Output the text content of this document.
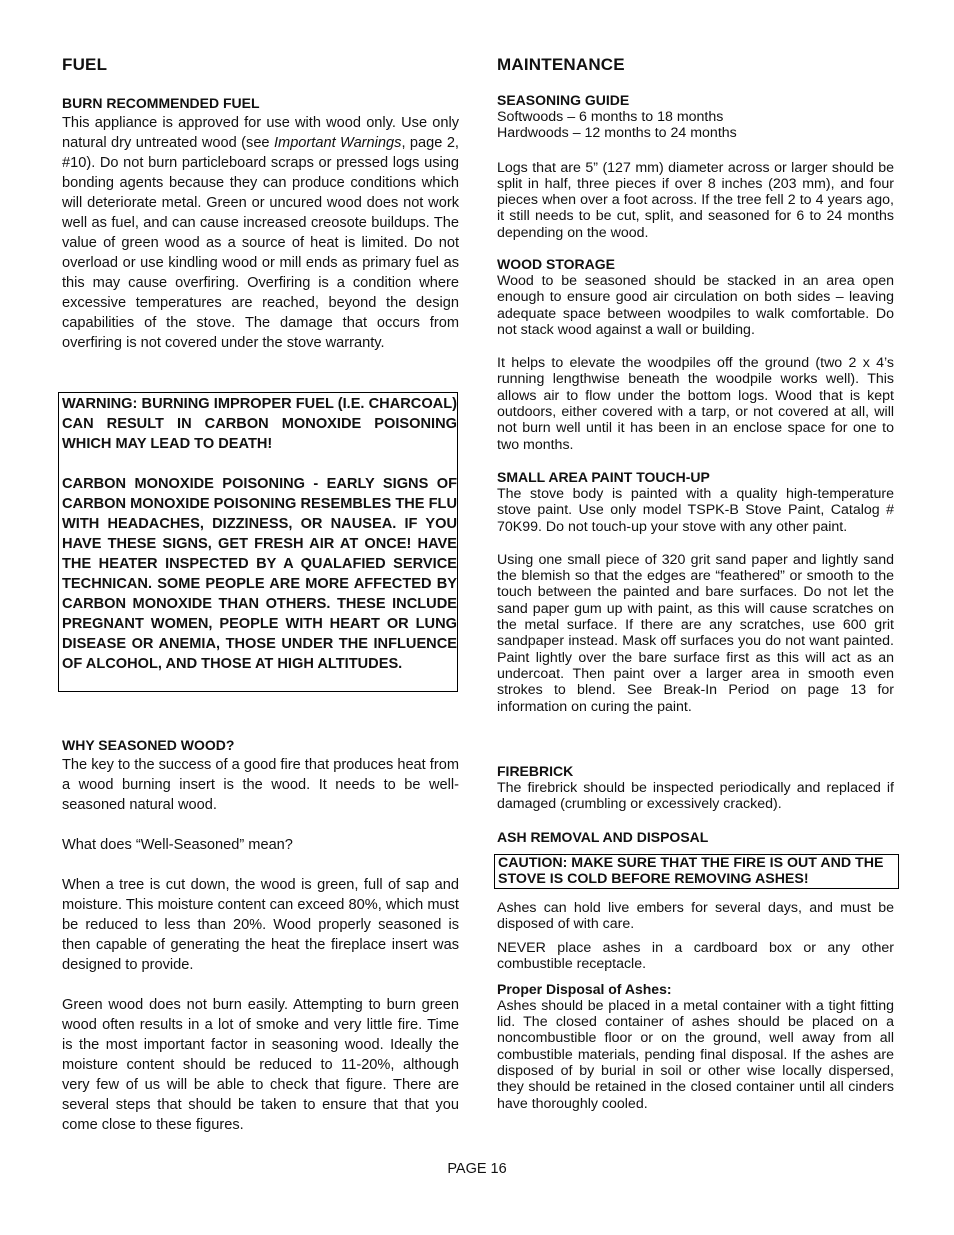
FUEL
BURN RECOMMENDED FUEL

This appliance is approved for use with wood only. Use only natural dry untreated wood (see Important Warnings, page 2, #10). Do not burn particleboard scraps or pressed logs using bonding agents because they can produce conditions which will deteriorate metal. Green or uncured wood does not work well as fuel, and can cause increased creosote buildups. The value of green wood as a source of heat is limited. Do not overload or use kindling wood or mill ends as primary fuel as this may cause overfiring. Overfiring is a condition where excessive temperatures are reached, beyond the design capabilities of the stove. The damage that occurs from overfiring is not covered under the stove warranty.

WARNING: BURNING IMPROPER FUEL (I.E. CHARCOAL) CAN RESULT IN CARBON MONOXIDE POISONING WHICH MAY LEAD TO DEATH!

CARBON MONOXIDE POISONING - EARLY SIGNS OF CARBON MONOXIDE POISONING RESEMBLES THE FLU WITH HEADACHES, DIZZINESS, OR NAUSEA. IF YOU HAVE THESE SIGNS, GET FRESH AIR AT ONCE! HAVE THE HEATER INSPECTED BY A QUALAFIED SERVICE TECHNICAN. SOME PEOPLE ARE MORE AFFECTED BY CARBON MONOXIDE THAN OTHERS. THESE INCLUDE PREGNANT WOMEN, PEOPLE WITH HEART OR LUNG DISEASE OR ANEMIA, THOSE UNDER THE INFLUENCE OF ALCOHOL, AND THOSE AT HIGH ALTITUDES.

WHY SEASONED WOOD?

The key to the success of a good fire that produces heat from a wood burning insert is the wood. It needs to be well-seasoned natural wood.

What does “Well-Seasoned” mean?

When a tree is cut down, the wood is green, full of sap and moisture. This moisture content can exceed 80%, which must be reduced to less than 20%. Wood properly seasoned is then capable of generating the heat the fireplace insert was designed to provide.

Green wood does not burn easily. Attempting to burn green wood often results in a lot of smoke and very little fire. Time is the most important factor in seasoning wood. Ideally the moisture content should be reduced to 11-20%, although very few of us will be able to check that figure. There are several steps that should be taken to ensure that that you come close to these figures.

MAINTENANCE
SEASONING GUIDE

Softwoods – 6 months to 18 months

Hardwoods – 12 months to 24 months

Logs that are 5” (127 mm) diameter across or larger should be split in half, three pieces if over 8 inches (203 mm), and four pieces when over a foot across. If the tree fell 2 to 4 years ago, it still needs to be cut, split, and seasoned for 6 to 24 months depending on the wood.

WOOD STORAGE

Wood to be seasoned should be stacked in an area open enough to ensure good air circulation on both sides – leaving adequate space between woodpiles to walk comfortable. Do not stack wood against a wall or building.

It helps to elevate the woodpiles off the ground (two 2 x 4’s running lengthwise beneath the woodpile works well). This allows air to flow under the bottom logs. Wood that is kept outdoors, either covered with a tarp, or not covered at all, will not burn well until it has been in an enclose space for one to two months.

SMALL AREA PAINT TOUCH-UP

The stove body is painted with a quality high-temperature stove paint. Use only model TSPK-B Stove Paint, Catalog # 70K99. Do not touch-up your stove with any other paint.

Using one small piece of 320 grit sand paper and lightly sand the blemish so that the edges are “feathered” or smooth to the touch between the painted and bare surfaces. Do not let the sand paper gum up with paint, as this will cause scratches on the metal surface. If there are any scratches, use 600 grit sandpaper instead. Mask off surfaces you do not want painted. Paint lightly over the bare surface first as this will act as an undercoat. Then paint over a larger area in smooth even strokes to blend. See Break-In Period on page 13 for information on curing the paint.

FIREBRICK

The firebrick should be inspected periodically and replaced if damaged (crumbling or excessively cracked).

ASH REMOVAL AND DISPOSAL

CAUTION: MAKE SURE THAT THE FIRE IS OUT AND THE STOVE IS COLD BEFORE REMOVING ASHES!

Ashes can hold live embers for several days, and must be disposed of with care.

NEVER place ashes in a cardboard box or any other combustible receptacle.

Proper Disposal of Ashes:

Ashes should be placed in a metal container with a tight fitting lid. The closed container of ashes should be placed on a noncombustible floor or on the ground, well away from all combustible materials, pending final disposal. If the ashes are disposed of by burial in soil or other wise locally dispersed, they should be retained in the closed container until all cinders have thoroughly cooled.

PAGE 16
